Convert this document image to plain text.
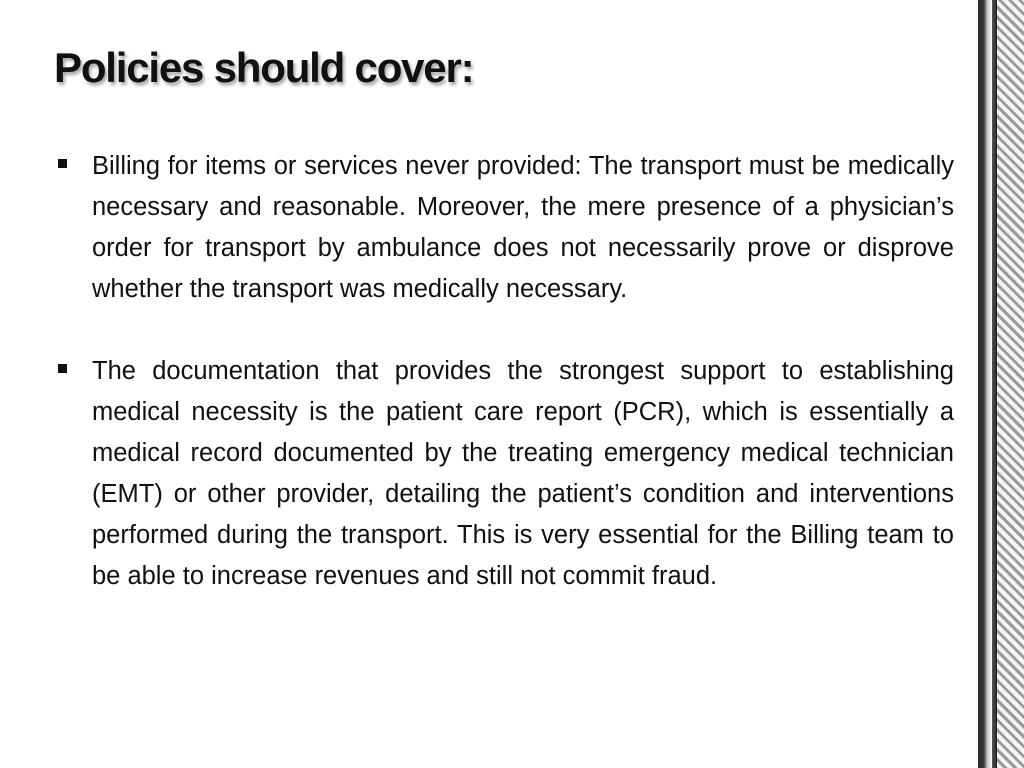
Policies should cover:
Billing for items or services never provided: The transport must be medically necessary and reasonable. Moreover, the mere presence of a physician’s order for transport by ambulance does not necessarily prove or disprove whether the transport was medically necessary.
The documentation that provides the strongest support to establishing medical necessity is the patient care report (PCR), which is essentially a medical record documented by the treating emergency medical technician (EMT) or other provider, detailing the patient’s condition and interventions performed during the transport. This is very essential for the Billing team to be able to increase revenues and still not commit fraud.
